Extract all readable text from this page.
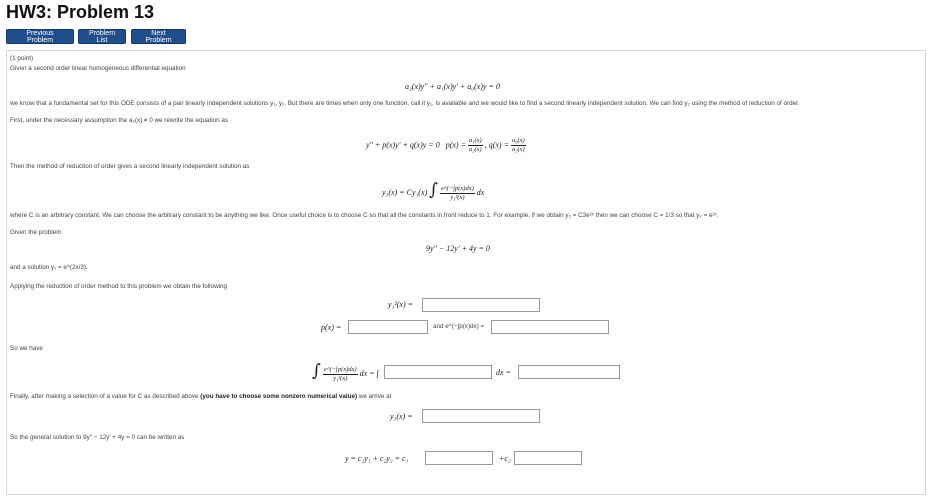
HW3: Problem 13
Previous Problem
Problem List
Next Problem
(1 point)
Given a second order linear homogeneous differential equation
a₂(x)y″ + a₁(x)y′ + a₀(x)y = 0
we know that a fundamental set for this ODE consists of a pair linearly independent solutions y₁, y₂. But there are times when only one function, call it y₁, is available and we would like to find a second linearly independent solution. We can find y₂ using the method of reduction of order.
First, under the necessary assumption the a₂(x) ≠ 0 we rewrite the equation as
y″ + p(x)y′ + q(x)y = 0 $p(x) = \frac{\text{a₁(x)}}{\text{a₂(x)}}$ , $q(x) = \frac{\text{a₀(x)}}{\text{a₂(x)}}$
Then the method of reduction of order gives a second linearly independent solution as
y₂(x) = Cy₁(x) ∫ $\frac{e\^{}(-\int p(x)dx)}{\text{y₁²(x)}}$ dx
where C is an arbitrary constant. We can choose the arbitrary constant to be anything we like. Once useful choice is to choose C so that all the constants in front reduce to 1. For example, if we obtain y₂ = C3e²ˣ then we can choose C = 1/3 so that y₂ = e²ˣ.
Given the problem
9y″ − 12y′ + 4y = 0
and a solution y₁ = e^(2x/3).
Applying the reduction of order method to this problem we obtain the following
y₁²(x) =
p(x) =	and e^(−∫p(x)dx) =
So we have
∫ $\frac{e\^{}(-\int p(x)dx)}{\text{y₁²(x)}}$ dx = ∫	dx =
Finally, after making a selection of a value for C as described above (you have to choose some nonzero numerical value) we arrive at
y₂(x) =
So the general solution to 9y″ − 12y′ + 4y = 0 can be written as
y = c₁y₁ + c₂y₂ = c₁	+c₂
